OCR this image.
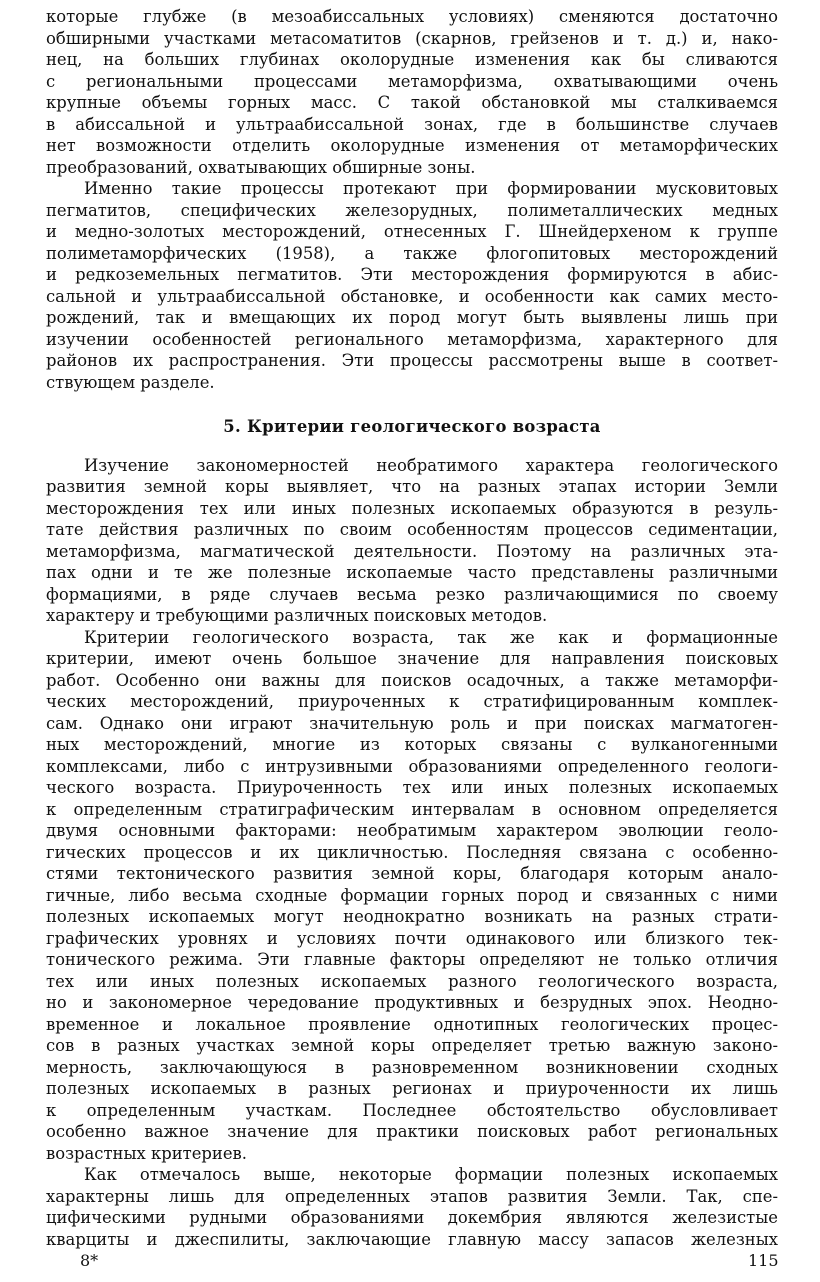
которые глубже (в мезоабиссальных условиях) сменяются достаточно
обширными участками метасоматитов (скарнов, грейзенов и т. д.) и, нако-
нец, на больших глубинах околорудные изменения как бы сливаются
с региональными процессами метаморфизма, охватывающими очень
крупные объемы горных масс. С такой обстановкой мы сталкиваемся
в абиссальной и ультраабиссальной зонах, где в большинстве случаев
нет возможности отделить околорудные изменения от метаморфических
преобразований, охватывающих обширные зоны.
Именно такие процессы протекают при формировании мусковитовых
пегматитов, специфических железорудных, полиметаллических медных
и медно-золотых месторождений, отнесенных Г. Шнейдерхеном к группе
полиметаморфических (1958), а также флогопитовых месторождений
и редкоземельных пегматитов. Эти месторождения формируются в абис-
сальной и ультраабиссальной обстановке, и особенности как самих место-
рождений, так и вмещающих их пород могут быть выявлены лишь при
изучении особенностей регионального метаморфизма, характерного для
районов их распространения. Эти процессы рассмотрены выше в соответ-
ствующем разделе.
5. Критерии геологического возраста
Изучение закономерностей необратимого характера геологического
развития земной коры выявляет, что на разных этапах истории Земли
месторождения тех или иных полезных ископаемых образуются в резуль-
тате действия различных по своим особенностям процессов седиментации,
метаморфизма, магматической деятельности. Поэтому на различных эта-
пах одни и те же полезные ископаемые часто представлены различными
формациями, в ряде случаев весьма резко различающимися по своему
характеру и требующими различных поисковых методов.
Критерии геологического возраста, так же как и формационные
критерии, имеют очень большое значение для направления поисковых
работ. Особенно они важны для поисков осадочных, а также метаморфи-
ческих месторождений, приуроченных к стратифицированным комплек-
сам. Однако они играют значительную роль и при поисках магматоген-
ных месторождений, многие из которых связаны с вулканогенными
комплексами, либо с интрузивными образованиями определенного геологи-
ческого возраста. Приуроченность тех или иных полезных ископаемых
к определенным стратиграфическим интервалам в основном определяется
двумя основными факторами: необратимым характером эволюции геоло-
гических процессов и их цикличностью. Последняя связана с особенно-
стями тектонического развития земной коры, благодаря которым анало-
гичные, либо весьма сходные формации горных пород и связанных с ними
полезных ископаемых могут неоднократно возникать на разных страти-
графических уровнях и условиях почти одинакового или близкого тек-
тонического режима. Эти главные факторы определяют не только отличия
тех или иных полезных ископаемых разного геологического возраста,
но и закономерное чередование продуктивных и безрудных эпох. Неодно-
временное и локальное проявление однотипных геологических процес-
сов в разных участках земной коры определяет третью важную законо-
мерность, заключающуюся в разновременном возникновении сходных
полезных ископаемых в разных регионах и приуроченности их лишь
к определенным участкам. Последнее обстоятельство обусловливает
особенно важное значение для практики поисковых работ региональных
возрастных критериев.
Как отмечалось выше, некоторые формации полезных ископаемых
характерны лишь для определенных этапов развития Земли. Так, спе-
цифическими рудными образованиями докембрия являются железистые
кварциты и джеспилиты, заключающие главную массу запасов железных
8*	115
